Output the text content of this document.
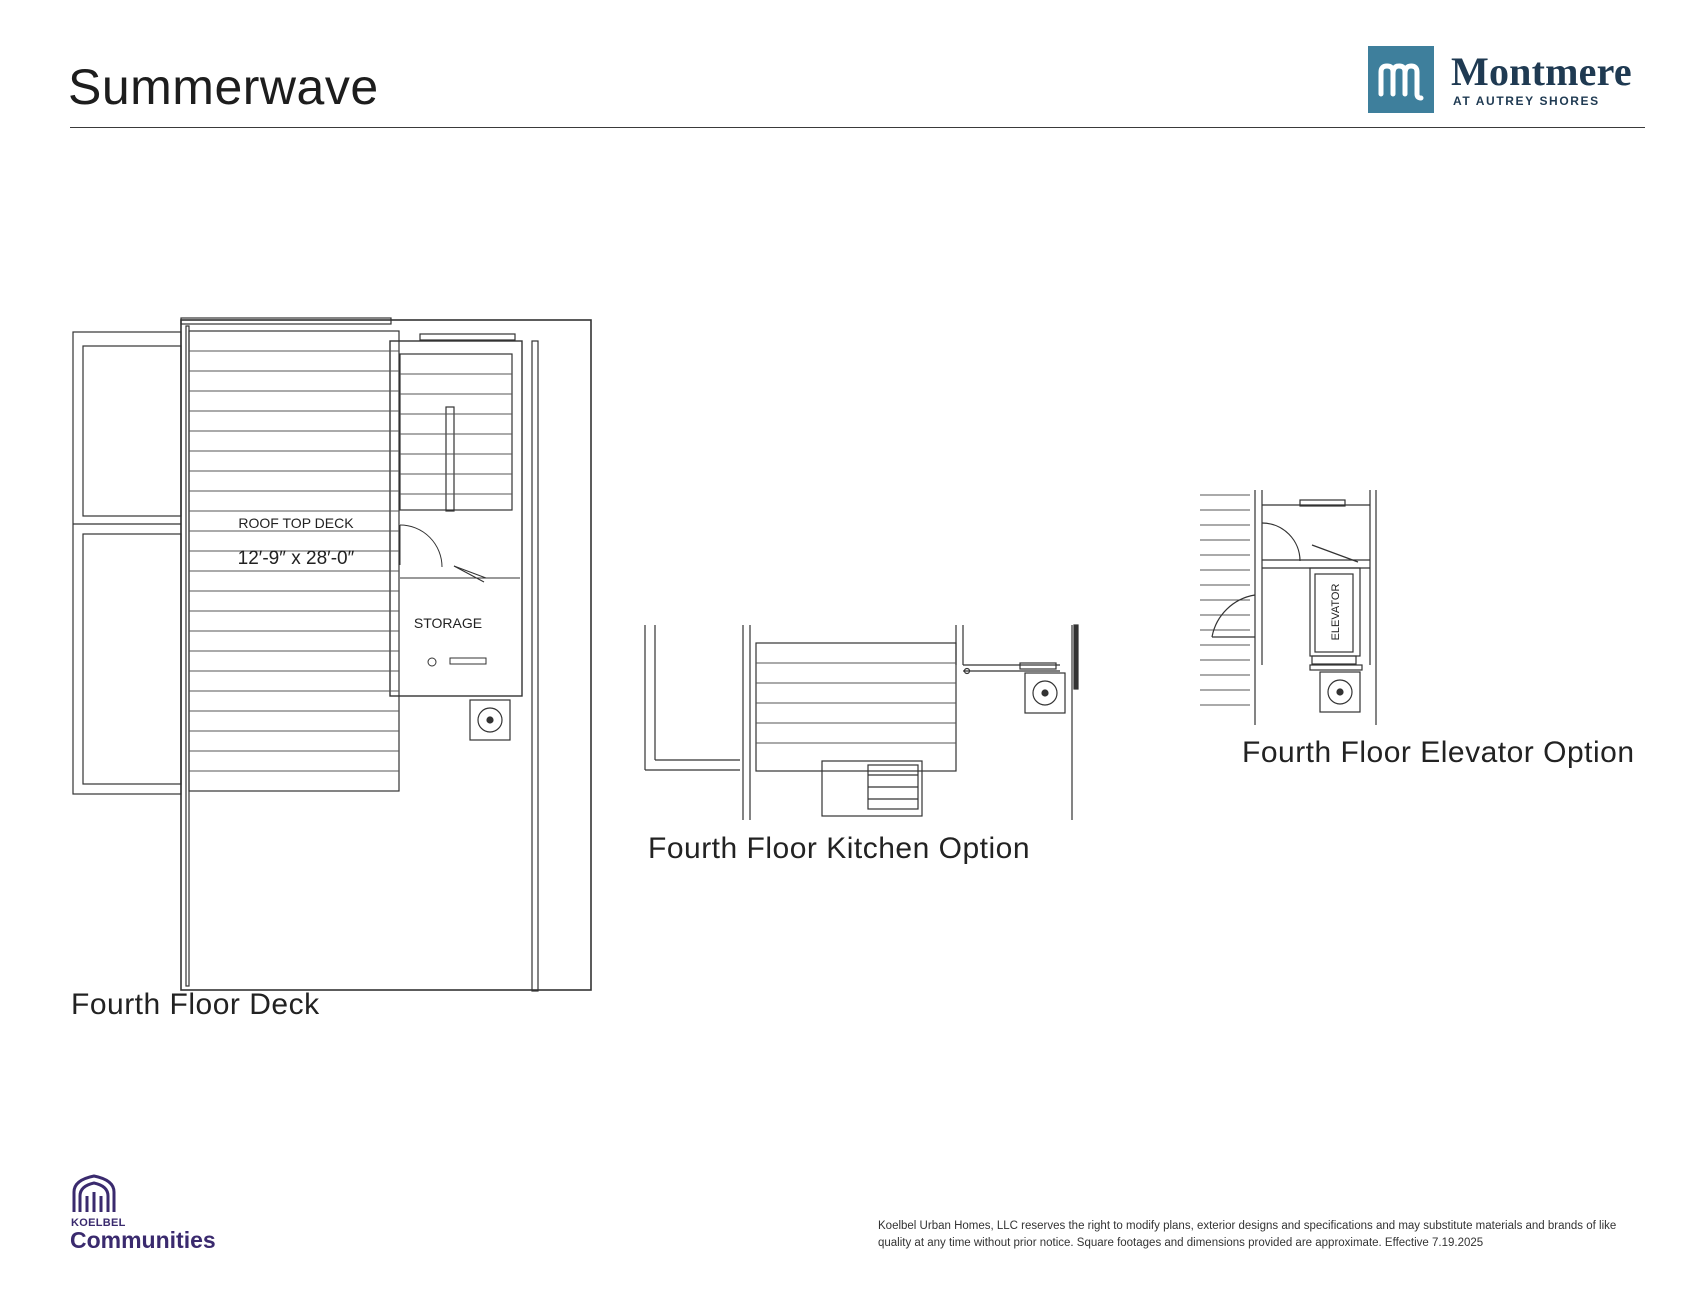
Summerwave	Montmere
AT AUTREY SHORES
ROOF TOP DECK
12′-9″ x 28′-0″
STORAGE
Fourth Floor Deck
Fourth Floor Kitchen Option
ELEVATOR
Fourth Floor Elevator Option
KOELBEL
Communities
Koelbel Urban Homes, LLC reserves the right to modify plans, exterior designs and specifications and may substitute materials and brands of like quality at any time without prior notice. Square footages and dimensions provided are approximate. Effective 7.19.2025
